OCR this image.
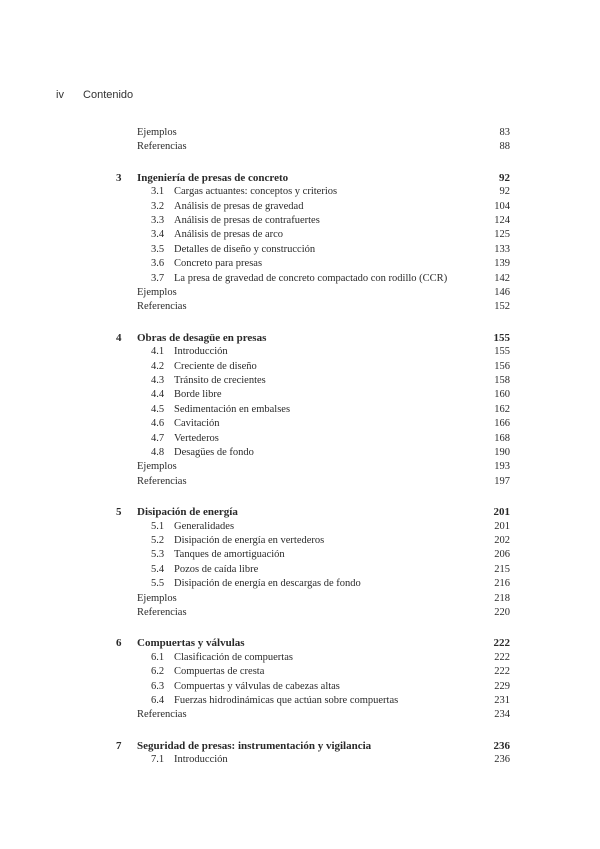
iv Contenido
Ejemplos	83
Referencias	88
3 Ingeniería de presas de concreto	92
3.1 Cargas actuantes: conceptos y criterios	92
3.2 Análisis de presas de gravedad	104
3.3 Análisis de presas de contrafuertes	124
3.4 Análisis de presas de arco	125
3.5 Detalles de diseño y construcción	133
3.6 Concreto para presas	139
3.7 La presa de gravedad de concreto compactado con rodillo (CCR)	142
Ejemplos	146
Referencias	152
4 Obras de desagüe en presas	155
4.1 Introducción	155
4.2 Creciente de diseño	156
4.3 Tránsito de crecientes	158
4.4 Borde libre	160
4.5 Sedimentación en embalses	162
4.6 Cavitación	166
4.7 Vertederos	168
4.8 Desagües de fondo	190
Ejemplos	193
Referencias	197
5 Disipación de energía	201
5.1 Generalidades	201
5.2 Disipación de energía en vertederos	202
5.3 Tanques de amortiguación	206
5.4 Pozos de caída libre	215
5.5 Disipación de energía en descargas de fondo	216
Ejemplos	218
Referencias	220
6 Compuertas y válvulas	222
6.1 Clasificación de compuertas	222
6.2 Compuertas de cresta	222
6.3 Compuertas y válvulas de cabezas altas	229
6.4 Fuerzas hidrodinámicas que actúan sobre compuertas	231
Referencias	234
7 Seguridad de presas: instrumentación y vigilancia	236
7.1 Introducción	236
